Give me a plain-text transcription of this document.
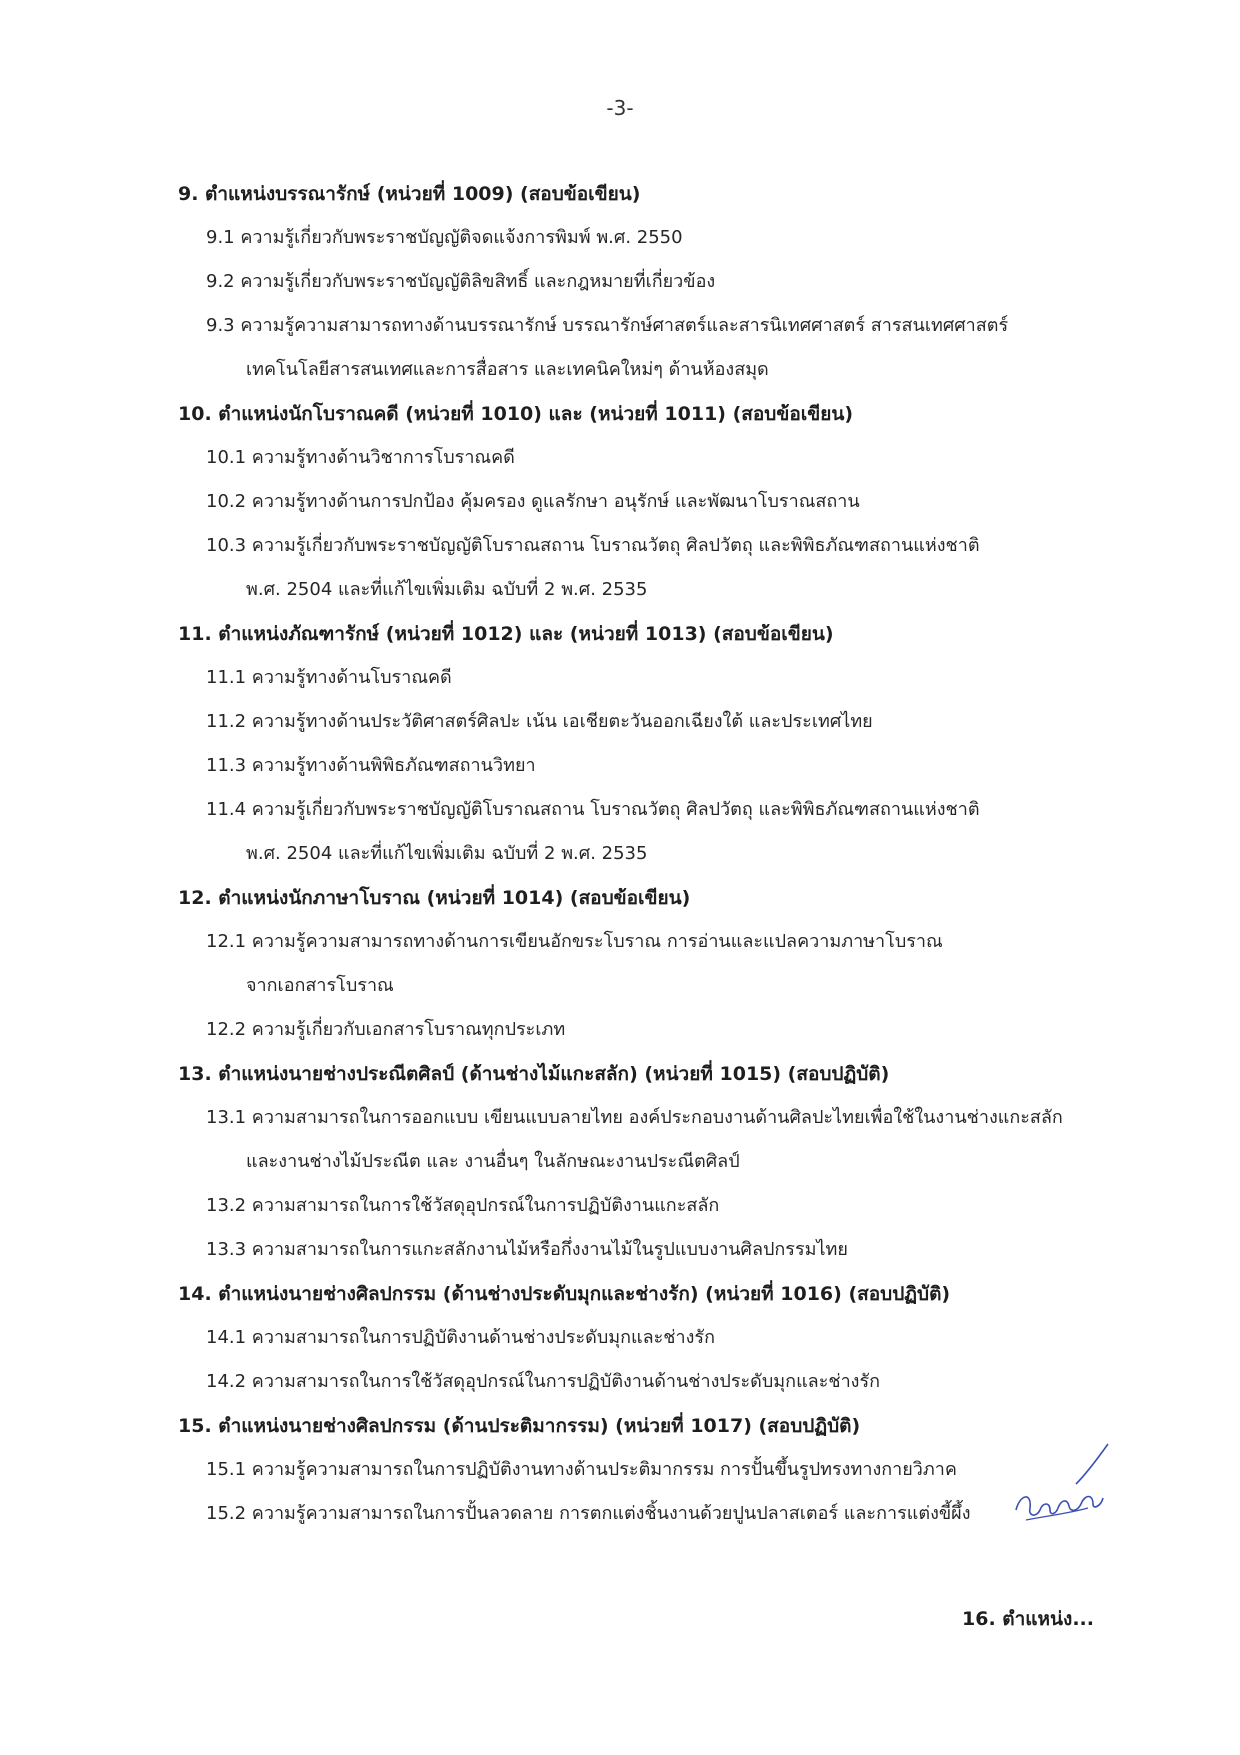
-3-
9. ตำแหน่งบรรณารักษ์ (หน่วยที่ 1009) (สอบข้อเขียน)
9.1 ความรู้เกี่ยวกับพระราชบัญญัติจดแจ้งการพิมพ์ พ.ศ. 2550
9.2 ความรู้เกี่ยวกับพระราชบัญญัติลิขสิทธิ์ และกฎหมายที่เกี่ยวข้อง
9.3 ความรู้ความสามารถทางด้านบรรณารักษ์ บรรณารักษ์ศาสตร์และสารนิเทศศาสตร์ สารสนเทศศาสตร์
เทคโนโลยีสารสนเทศและการสื่อสาร และเทคนิคใหม่ๆ ด้านห้องสมุด
10. ตำแหน่งนักโบราณคดี (หน่วยที่ 1010) และ (หน่วยที่ 1011) (สอบข้อเขียน)
10.1 ความรู้ทางด้านวิชาการโบราณคดี
10.2 ความรู้ทางด้านการปกป้อง คุ้มครอง ดูแลรักษา อนุรักษ์ และพัฒนาโบราณสถาน
10.3 ความรู้เกี่ยวกับพระราชบัญญัติโบราณสถาน โบราณวัตถุ ศิลปวัตถุ และพิพิธภัณฑสถานแห่งชาติ
พ.ศ. 2504 และที่แก้ไขเพิ่มเติม ฉบับที่ 2 พ.ศ. 2535
11. ตำแหน่งภัณฑารักษ์ (หน่วยที่ 1012) และ (หน่วยที่ 1013) (สอบข้อเขียน)
11.1 ความรู้ทางด้านโบราณคดี
11.2 ความรู้ทางด้านประวัติศาสตร์ศิลปะ เน้น เอเชียตะวันออกเฉียงใต้ และประเทศไทย
11.3 ความรู้ทางด้านพิพิธภัณฑสถานวิทยา
11.4 ความรู้เกี่ยวกับพระราชบัญญัติโบราณสถาน โบราณวัตถุ ศิลปวัตถุ และพิพิธภัณฑสถานแห่งชาติ
พ.ศ. 2504 และที่แก้ไขเพิ่มเติม ฉบับที่ 2 พ.ศ. 2535
12. ตำแหน่งนักภาษาโบราณ (หน่วยที่ 1014) (สอบข้อเขียน)
12.1 ความรู้ความสามารถทางด้านการเขียนอักขระโบราณ การอ่านและแปลความภาษาโบราณ
จากเอกสารโบราณ
12.2 ความรู้เกี่ยวกับเอกสารโบราณทุกประเภท
13. ตำแหน่งนายช่างประณีตศิลป์ (ด้านช่างไม้แกะสลัก) (หน่วยที่ 1015) (สอบปฏิบัติ)
13.1 ความสามารถในการออกแบบ เขียนแบบลายไทย องค์ประกอบงานด้านศิลปะไทยเพื่อใช้ในงานช่างแกะสลัก
และงานช่างไม้ประณีต และ งานอื่นๆ ในลักษณะงานประณีตศิลป์
13.2 ความสามารถในการใช้วัสดุอุปกรณ์ในการปฏิบัติงานแกะสลัก
13.3 ความสามารถในการแกะสลักงานไม้หรือกึ่งงานไม้ในรูปแบบงานศิลปกรรมไทย
14. ตำแหน่งนายช่างศิลปกรรม (ด้านช่างประดับมุกและช่างรัก) (หน่วยที่ 1016) (สอบปฏิบัติ)
14.1 ความสามารถในการปฏิบัติงานด้านช่างประดับมุกและช่างรัก
14.2 ความสามารถในการใช้วัสดุอุปกรณ์ในการปฏิบัติงานด้านช่างประดับมุกและช่างรัก
15. ตำแหน่งนายช่างศิลปกรรม (ด้านประติมากรรม) (หน่วยที่ 1017) (สอบปฏิบัติ)
15.1 ความรู้ความสามารถในการปฏิบัติงานทางด้านประติมากรรม การปั้นขึ้นรูปทรงทางกายวิภาค
15.2 ความรู้ความสามารถในการปั้นลวดลาย การตกแต่งชิ้นงานด้วยปูนปลาสเตอร์ และการแต่งขี้ผึ้ง
16. ตำแหน่ง...
